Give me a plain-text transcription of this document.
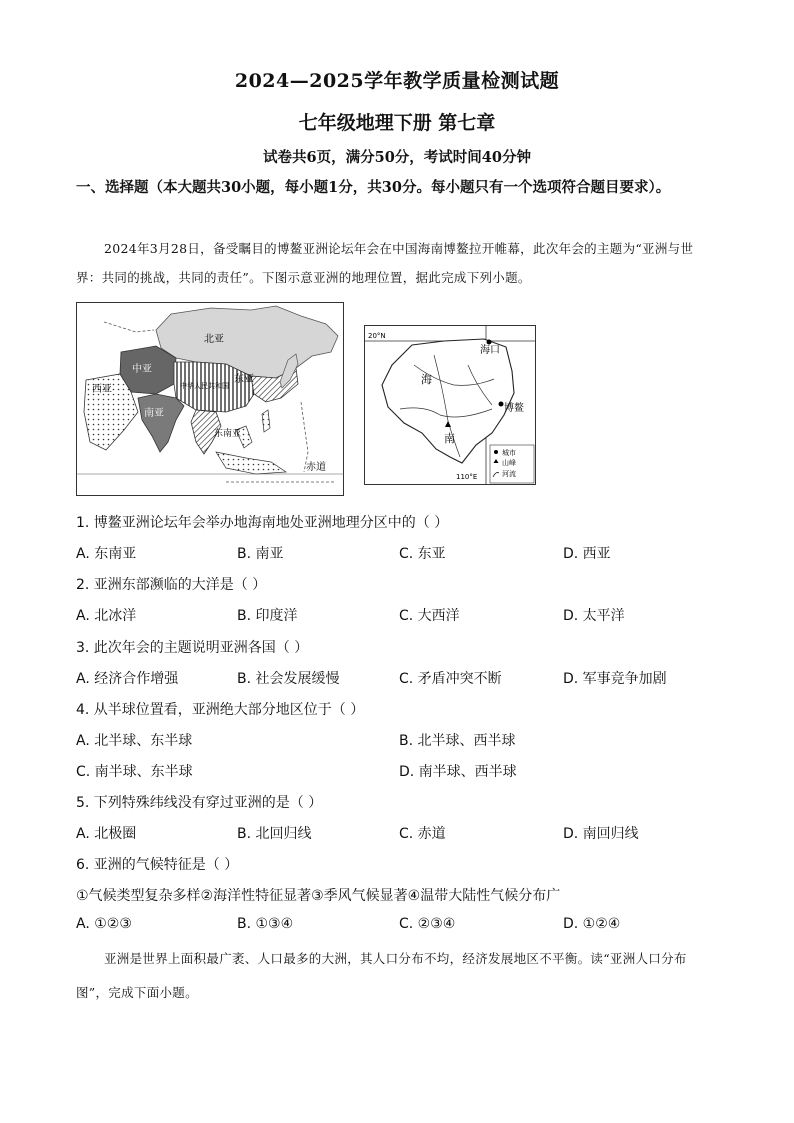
2024—2025学年教学质量检测试题
七年级地理下册 第七章
试卷共6页，满分50分，考试时间40分钟
一、选择题（本大题共30小题，每小题1分，共30分。每小题只有一个选项符合题目要求）。
2024年3月28日，备受瞩目的博鳌亚洲论坛年会在中国海南博鳌拉开帷幕，此次年会的主题为“亚洲与世界：共同的挑战，共同的责任”。下图示意亚洲的地理位置，据此完成下列小题。
北亚
中亚
东亚
西亚
南亚
中华人民共和国
东南亚
赤道
20°N
110°E
海口
博鳌
海
南
城市
山峰
河流
1. 博鳌亚洲论坛年会举办地海南地处亚洲地理分区中的（ ）
A. 东南亚	B. 南亚	C. 东亚	D. 西亚
2. 亚洲东部濒临的大洋是（ ）
A. 北冰洋	B. 印度洋	C. 大西洋	D. 太平洋
3. 此次年会的主题说明亚洲各国（ ）
A. 经济合作增强	B. 社会发展缓慢	C. 矛盾冲突不断	D. 军事竞争加剧
4. 从半球位置看，亚洲绝大部分地区位于（ ）
A. 北半球、东半球	B. 北半球、西半球
C. 南半球、东半球	D. 南半球、西半球
5. 下列特殊纬线没有穿过亚洲的是（ ）
A. 北极圈	B. 北回归线	C. 赤道	D. 南回归线
6. 亚洲的气候特征是（ ）
①气候类型复杂多样②海洋性特征显著③季风气候显著④温带大陆性气候分布广
A. ①②③	B. ①③④	C. ②③④	D. ①②④
亚洲是世界上面积最广袤、人口最多的大洲，其人口分布不均，经济发展地区不平衡。读“亚洲人口分布图”，完成下面小题。
